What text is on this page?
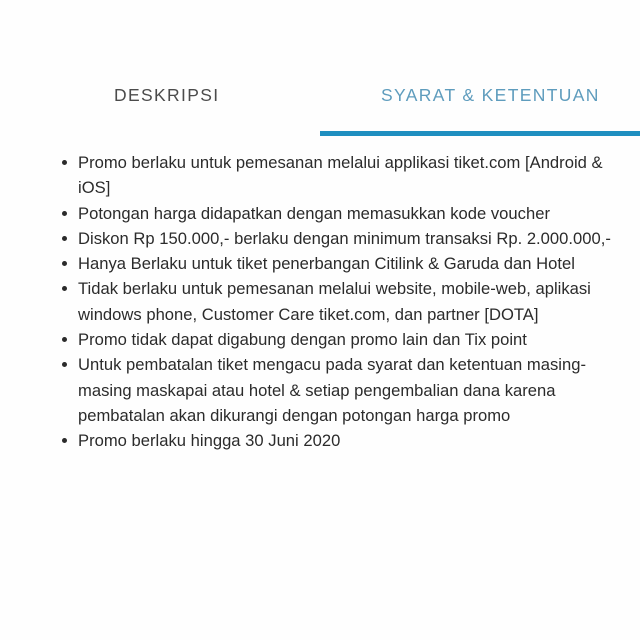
DESKRIPSI	SYARAT & KETENTUAN
Promo berlaku untuk pemesanan melalui applikasi tiket.com [Android & iOS]
Potongan harga didapatkan dengan memasukkan kode voucher
Diskon Rp 150.000,- berlaku dengan minimum transaksi Rp. 2.000.000,-
Hanya Berlaku untuk tiket penerbangan Citilink & Garuda dan Hotel
Tidak berlaku untuk pemesanan melalui website, mobile-web, aplikasi windows phone, Customer Care tiket.com, dan partner [DOTA]
Promo tidak dapat digabung dengan promo lain dan Tix point
Untuk pembatalan tiket mengacu pada syarat dan ketentuan masing-masing maskapai atau hotel & setiap pengembalian dana karena pembatalan akan dikurangi dengan potongan harga promo
Promo berlaku hingga 30 Juni 2020
